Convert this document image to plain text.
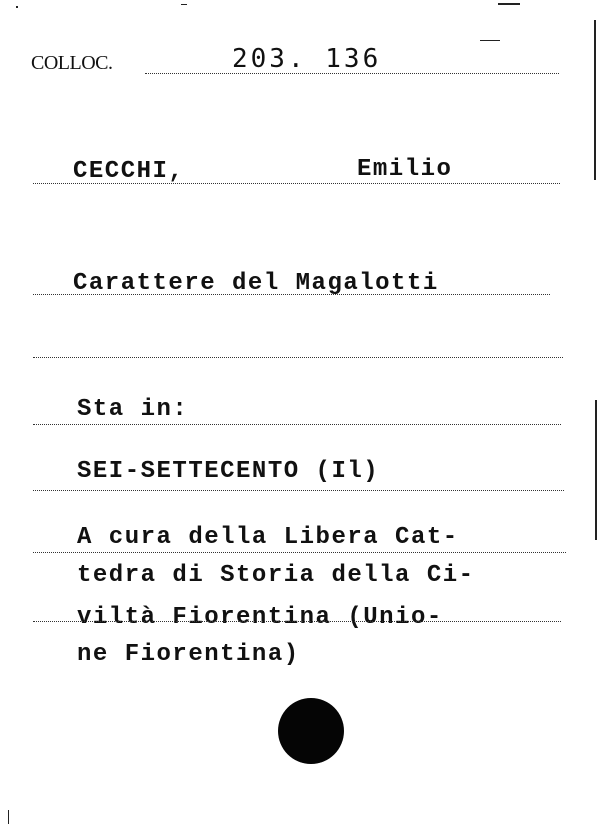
COLLOC.	203. 136
CECCHI,	Emilio
Carattere del Magalotti
Sta in:
SEI-SETTECENTO (Il)
A cura della Libera Cat-
tedra di Storia della Ci-
viltà Fiorentina (Unio-
ne Fiorentina)
